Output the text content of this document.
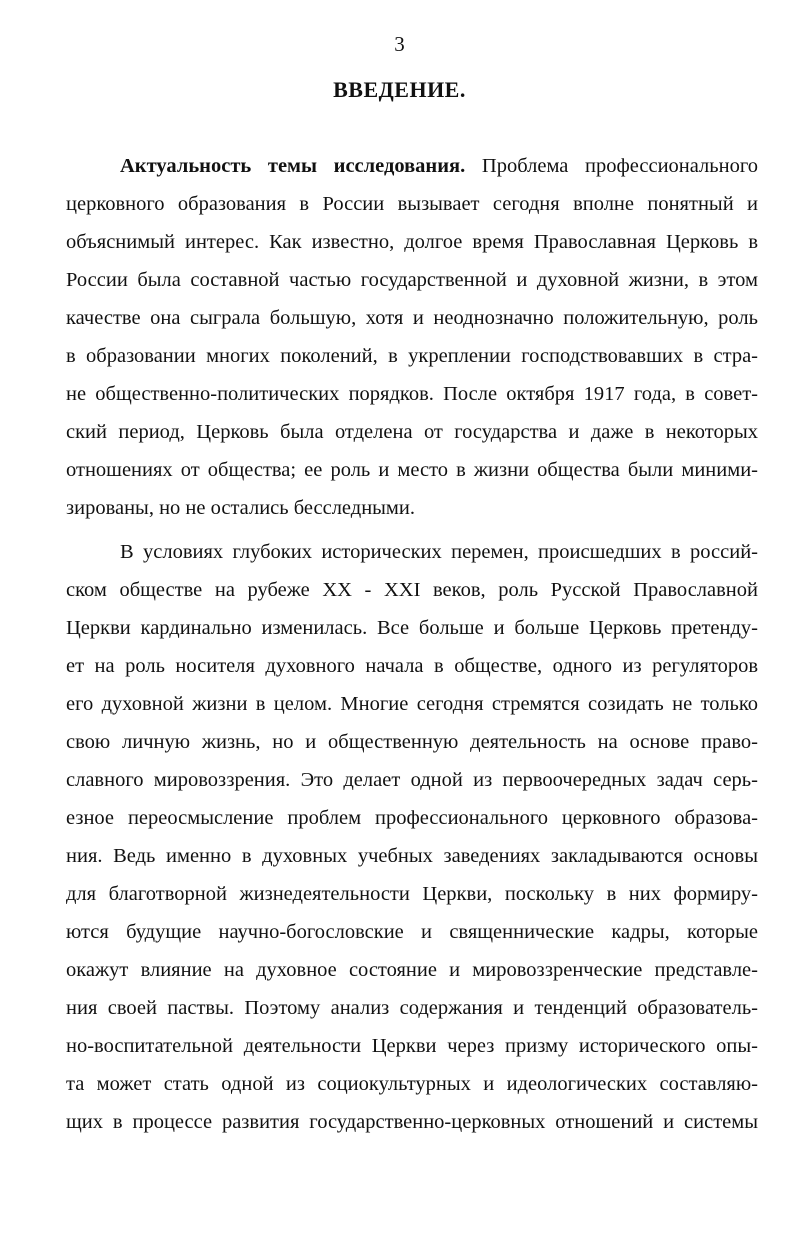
3
ВВЕДЕНИЕ.
Актуальность темы исследования. Проблема профессионального
церковного образования в России вызывает сегодня вполне понятный и
объяснимый интерес. Как известно, долгое время Православная Церковь в
России была составной частью государственной и духовной жизни, в этом
качестве она сыграла большую, хотя и неоднозначно положительную, роль
в образовании многих поколений, в укреплении господствовавших в стра-
не общественно-политических порядков. После октября 1917 года, в совет-
ский период, Церковь была отделена от государства и даже в некоторых
отношениях от общества; ее роль и место в жизни общества были миними-
зированы, но не остались бесследными.
В условиях глубоких исторических перемен, происшедших в россий-
ском обществе на рубеже XX - XXI веков, роль Русской Православной
Церкви кардинально изменилась. Все больше и больше Церковь претенду-
ет на роль носителя духовного начала в обществе, одного из регуляторов
его духовной жизни в целом. Многие сегодня стремятся созидать не только
свою личную жизнь, но и общественную деятельность на основе право-
славного мировоззрения. Это делает одной из первоочередных задач серь-
езное переосмысление проблем профессионального церковного образова-
ния. Ведь именно в духовных учебных заведениях закладываются основы
для благотворной жизнедеятельности Церкви, поскольку в них формиру-
ются будущие научно-богословские и священнические кадры, которые
окажут влияние на духовное состояние и мировоззренческие представле-
ния своей паствы. Поэтому анализ содержания и тенденций образователь-
но-воспитательной деятельности Церкви через призму исторического опы-
та может стать одной из социокультурных и идеологических составляю-
щих в процессе развития государственно-церковных отношений и системы
